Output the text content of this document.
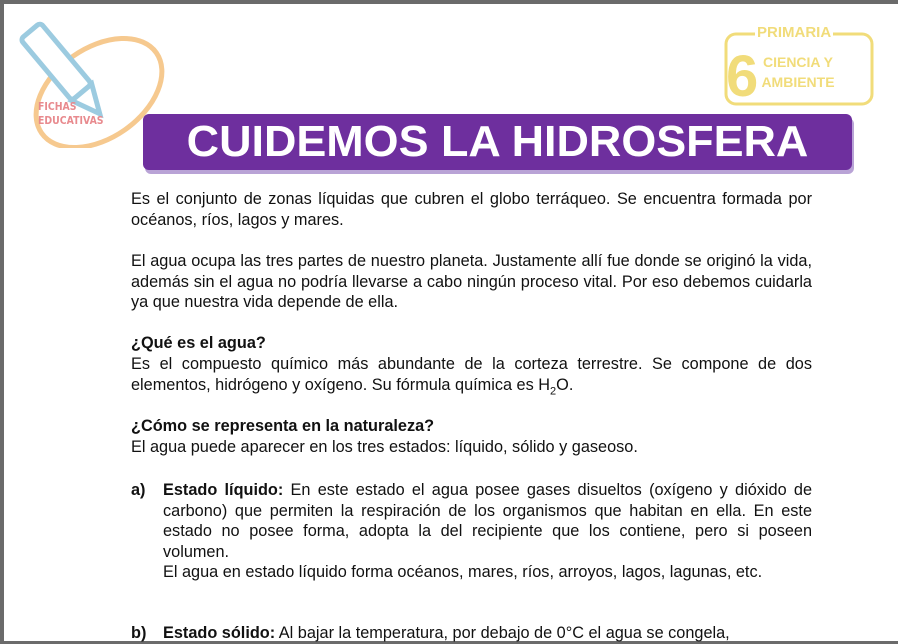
FICHAS
EDUCATIVAS
6
PRIMARIA
CIENCIA Y
AMBIENTE
CUIDEMOS LA HIDROSFERA

Es el conjunto de zonas líquidas que cubren el globo terráqueo. Se encuentra formada por océanos, ríos, lagos y mares.

El agua ocupa las tres partes de nuestro planeta. Justamente allí fue donde se originó la vida, además sin el agua no podría llevarse a cabo ningún proceso vital. Por eso debemos cuidarla ya que nuestra vida depende de ella.

¿Qué es el agua?

Es el compuesto químico más abundante de la corteza terrestre. Se compone de dos elementos, hidrógeno y oxígeno. Su fórmula química es $H_2O$.

¿Cómo se representa en la naturaleza?

El agua puede aparecer en los tres estados: líquido, sólido y gaseoso.

a) Estado líquido: En este estado el agua posee gases disueltos (oxígeno y dióxido de carbono) que permiten la respiración de los organismos que habitan en ella. En este estado no posee forma, adopta la del recipiente que los contiene, pero si poseen volumen.
El agua en estado líquido forma océanos, mares, ríos, arroyos, lagos, lagunas, etc.
b) Estado sólido: Al bajar la temperatura, por debajo de 0°C el agua se congela,
